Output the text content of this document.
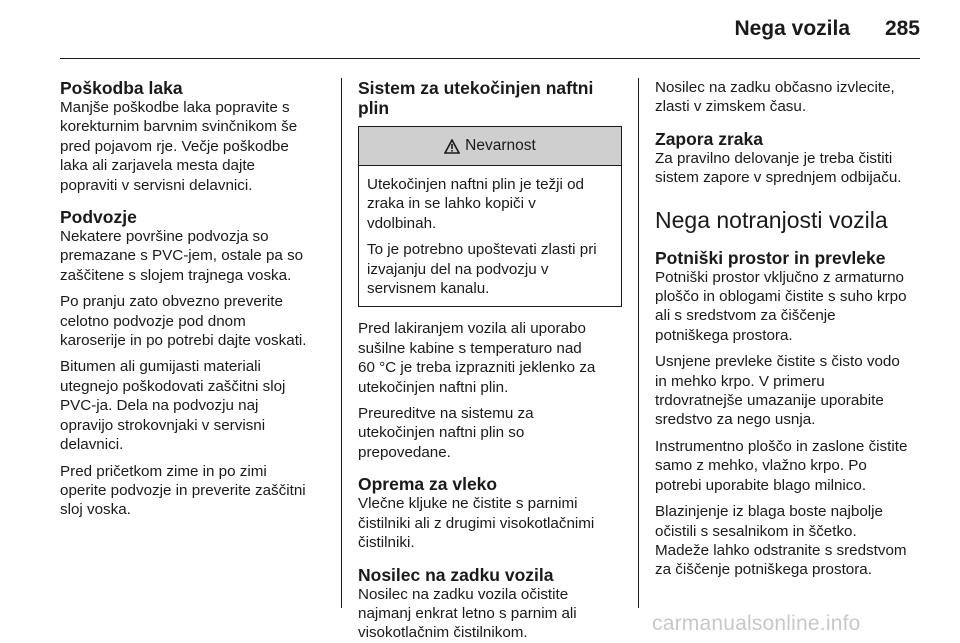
Nega vozila 285
Poškodba laka

Manjše poškodbe laka popravite s
korekturnim barvnim svinčnikom še
pred pojavom rje. Večje poškodbe
laka ali zarjavela mesta dajte
popraviti v servisni delavnici.

Podvozje

Nekatere površine podvozja so
premazane s PVC-jem, ostale pa so
zaščitene s slojem trajnega voska.

Po pranju zato obvezno preverite
celotno podvozje pod dnom
karoserije in po potrebi dajte voskati.

Bitumen ali gumijasti materiali
utegnejo poškodovati zaščitni sloj
PVC-ja. Dela na podvozju naj
opravijo strokovnjaki v servisni
delavnici.

Pred pričetkom zime in po zimi
operite podvozje in preverite zaščitni
sloj voska.

Sistem za utekočinjen naftni plin
Nevarnost

Utekočinjen naftni plin je težji od
zraka in se lahko kopiči v
vdolbinah.

To je potrebno upoštevati zlasti pri
izvajanju del na podvozju v
servisnem kanalu.

Pred lakiranjem vozila ali uporabo
sušilne kabine s temperaturo nad
60 °C je treba izprazniti jeklenko za
utekočinjen naftni plin.

Preureditve na sistemu za
utekočinjen naftni plin so
prepovedane.

Oprema za vleko

Vlečne kljuke ne čistite s parnimi
čistilniki ali z drugimi visokotlačnimi
čistilniki.

Nosilec na zadku vozila

Nosilec na zadku vozila očistite
najmanj enkrat letno s parnim ali
visokotlačnim čistilnikom.

Nosilec na zadku občasno izvlecite,
zlasti v zimskem času.

Zapora zraka

Za pravilno delovanje je treba čistiti
sistem zapore v sprednjem odbijaču.

Nega notranjosti vozila
Potniški prostor in prevleke

Potniški prostor vključno z armaturno
ploščo in oblogami čistite s suho krpo
ali s sredstvom za čiščenje
potniškega prostora.

Usnjene prevleke čistite s čisto vodo
in mehko krpo. V primeru
trdovratnejše umazanije uporabite
sredstvo za nego usnja.

Instrumentno ploščo in zaslone čistite
samo z mehko, vlažno krpo. Po
potrebi uporabite blago milnico.

Blazinjenje iz blaga boste najbolje
očistili s sesalnikom in ščetko.
Madeže lahko odstranite s sredstvom
za čiščenje potniškega prostora.

carmanualsonline.info
